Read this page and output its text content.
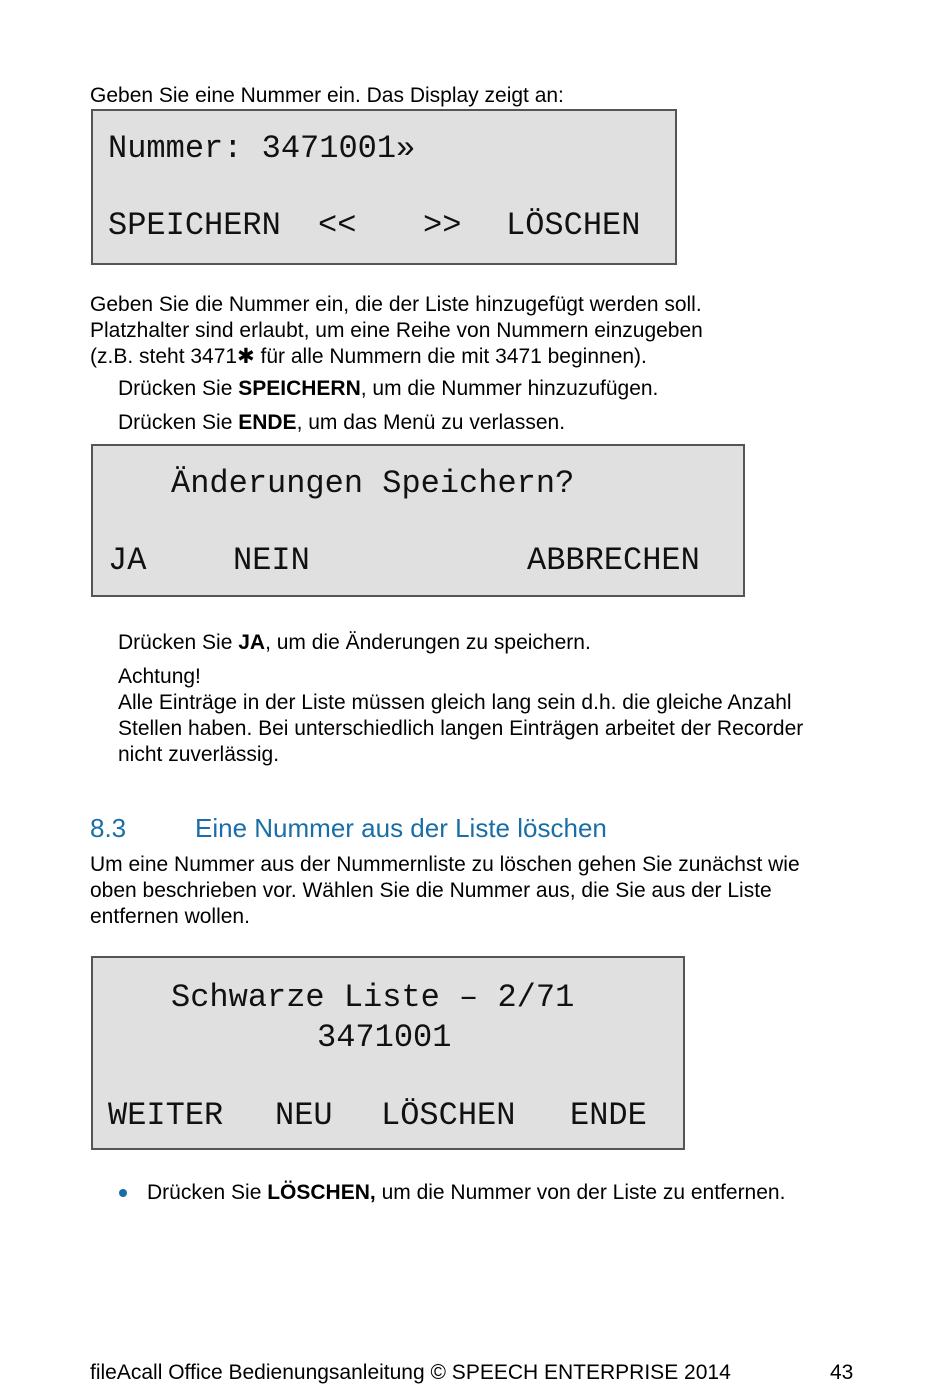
Geben Sie eine Nummer ein. Das Display zeigt an:

Nummer: 3471001»
SPEICHERN << >> LÖSCHEN

Geben Sie die Nummer ein, die der Liste hinzugefügt werden soll.

Platzhalter sind erlaubt, um eine Reihe von Nummern einzugeben

(z.B. steht 3471✱ für alle Nummern die mit 3471 beginnen).

Drücken Sie SPEICHERN, um die Nummer hinzuzufügen.

Drücken Sie ENDE, um das Menü zu verlassen.

Änderungen Speichern?
JA	NEIN	ABBRECHEN

Drücken Sie JA, um die Änderungen zu speichern.

Achtung!

Alle Einträge in der Liste müssen gleich lang sein d.h. die gleiche Anzahl

Stellen haben. Bei unterschiedlich langen Einträgen arbeitet der Recorder

nicht zuverlässig.

8.3	Eine Nummer aus der Liste löschen

Um eine Nummer aus der Nummernliste zu löschen gehen Sie zunächst wie

oben beschrieben vor. Wählen Sie die Nummer aus, die Sie aus der Liste

entfernen wollen.

Schwarze Liste – 2/71
3471001
WEITER NEU LÖSCHEN ENDE

Drücken Sie LÖSCHEN, um die Nummer von der Liste zu entfernen.

fileAcall Office Bedienungsanleitung © SPEECH ENTERPRISE 2014	43
